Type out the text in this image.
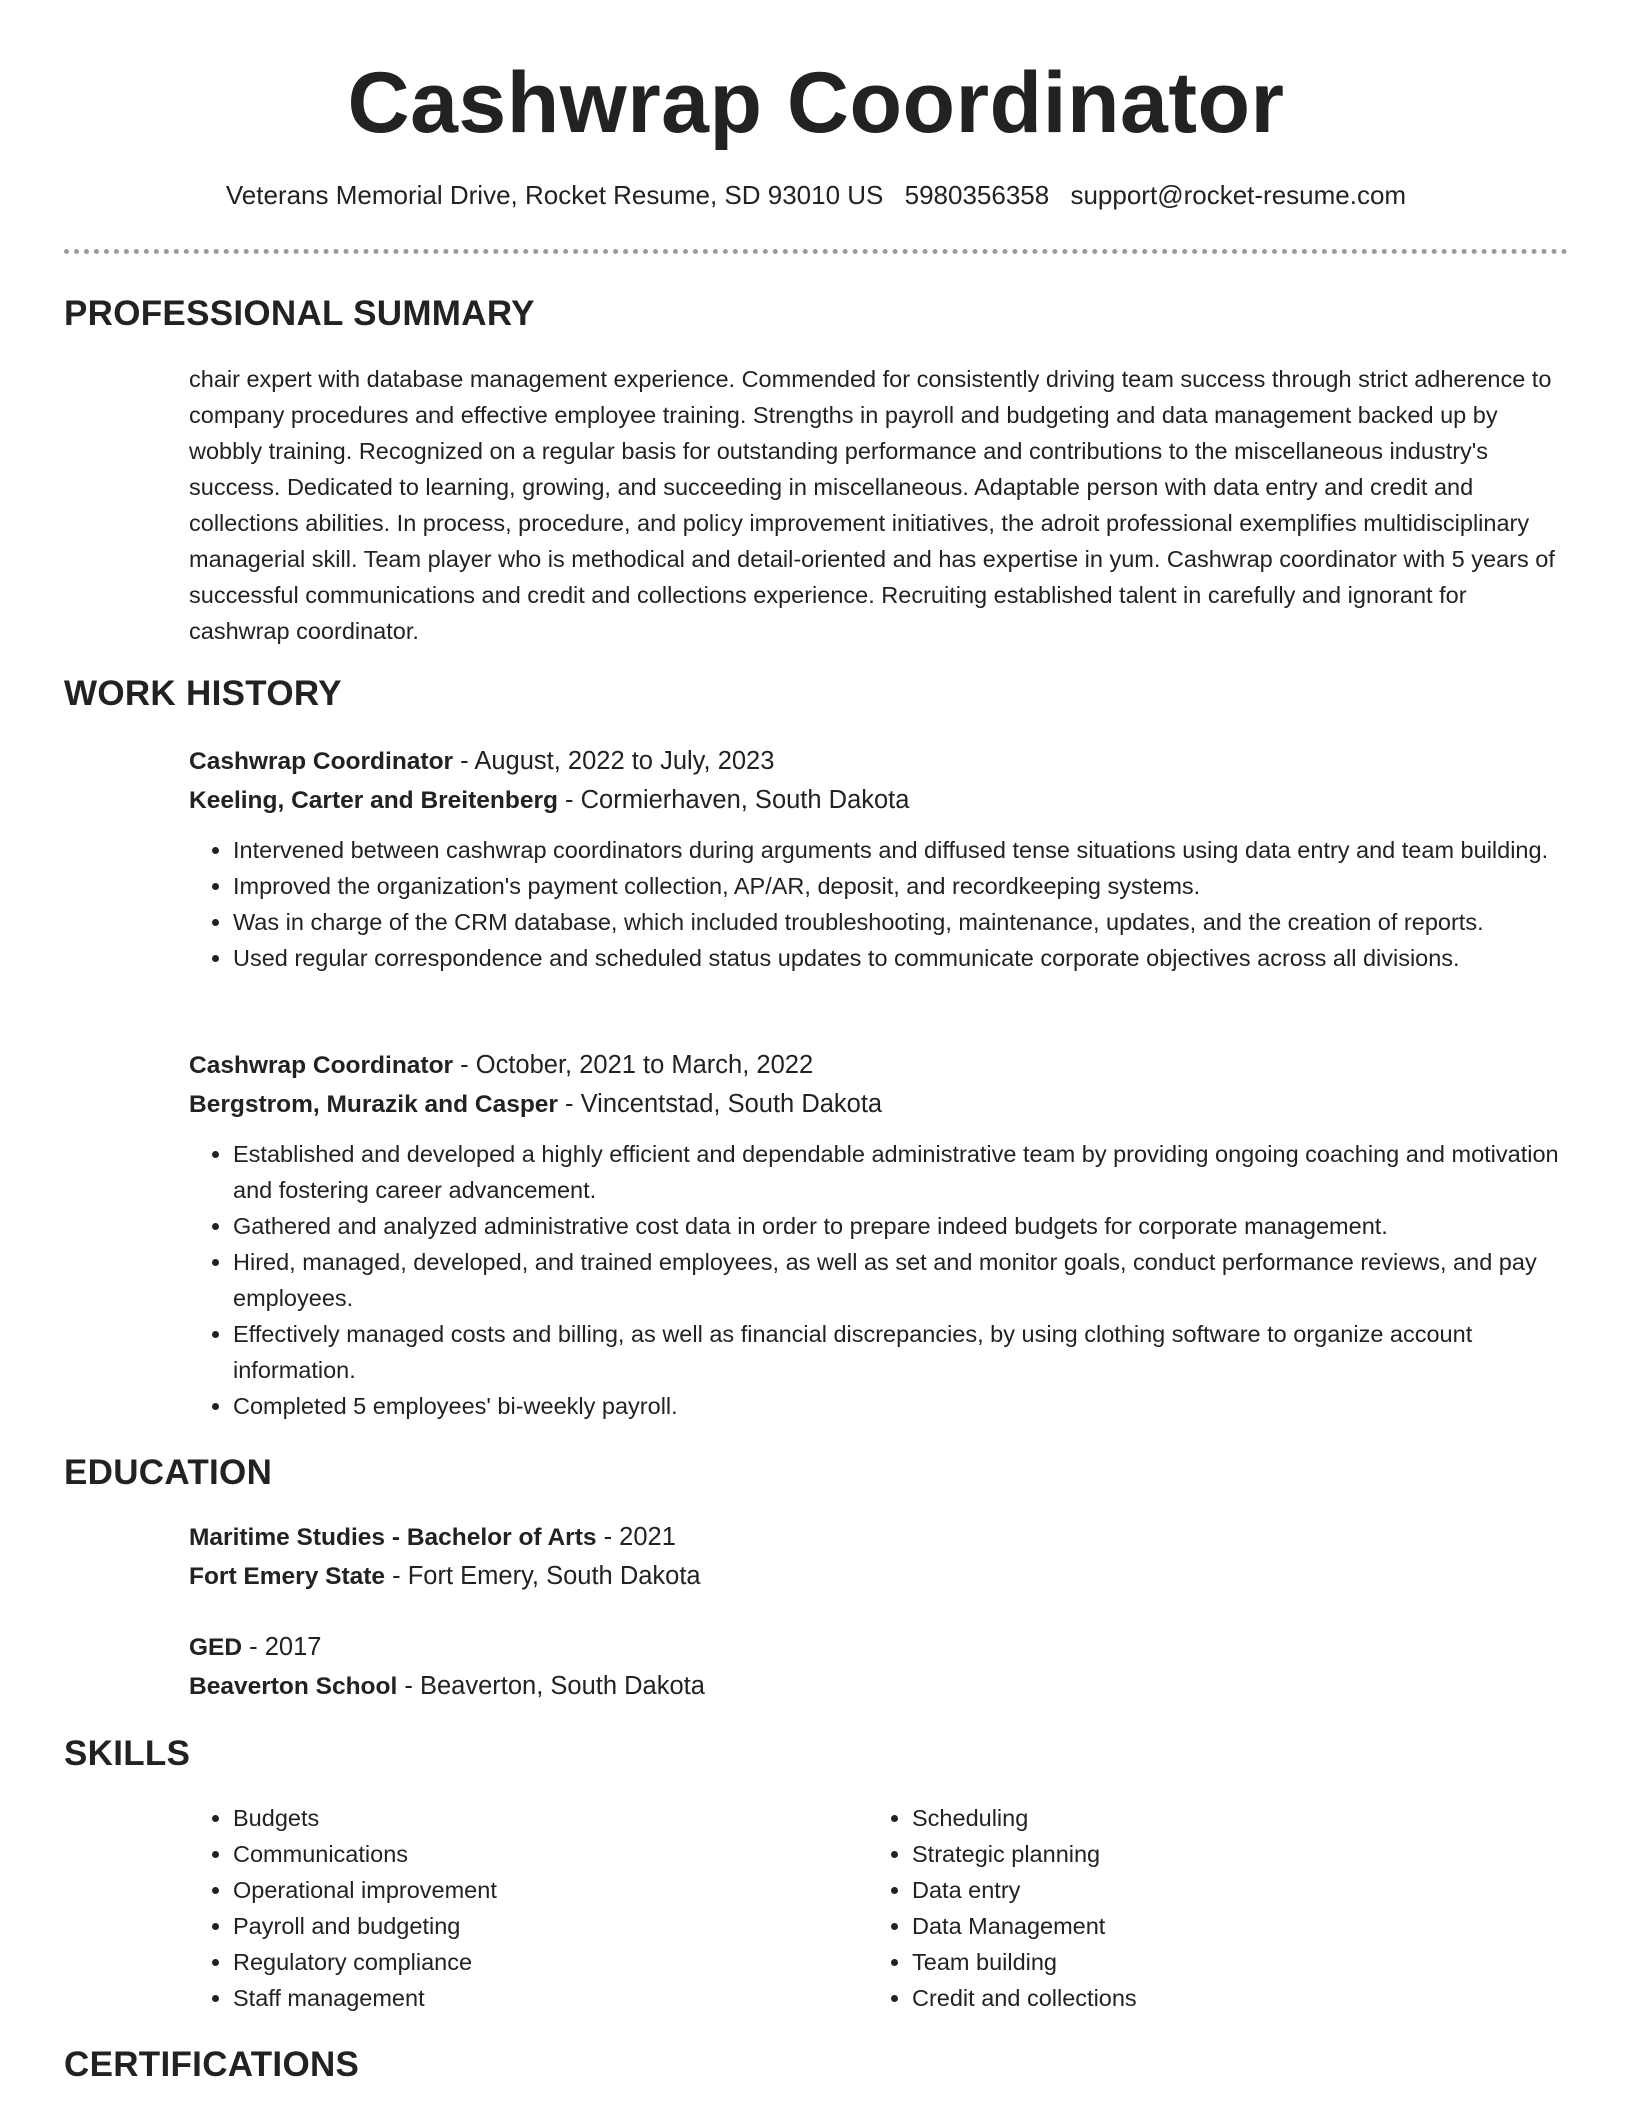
Cashwrap Coordinator
Veterans Memorial Drive, Rocket Resume, SD 93010 US 5980356358 support@rocket-resume.com
PROFESSIONAL SUMMARY

chair expert with database management experience. Commended for consistently driving team success through strict adherence to company procedures and effective employee training. Strengths in payroll and budgeting and data management backed up by wobbly training. Recognized on a regular basis for outstanding performance and contributions to the miscellaneous industry's success. Dedicated to learning, growing, and succeeding in miscellaneous. Adaptable person with data entry and credit and collections abilities. In process, procedure, and policy improvement initiatives, the adroit professional exemplifies multidisciplinary managerial skill. Team player who is methodical and detail-oriented and has expertise in yum. Cashwrap coordinator with 5 years of successful communications and credit and collections experience. Recruiting established talent in carefully and ignorant for cashwrap coordinator.

WORK HISTORY

Cashwrap Coordinator - August, 2022 to July, 2023

Keeling, Carter and Breitenberg - Cormierhaven, South Dakota

• Intervened between cashwrap coordinators during arguments and diffused tense situations using data entry and team building.
• Improved the organization's payment collection, AP/AR, deposit, and recordkeeping systems.
• Was in charge of the CRM database, which included troubleshooting, maintenance, updates, and the creation of reports.
• Used regular correspondence and scheduled status updates to communicate corporate objectives across all divisions.

Cashwrap Coordinator - October, 2021 to March, 2022

Bergstrom, Murazik and Casper - Vincentstad, South Dakota

• Established and developed a highly efficient and dependable administrative team by providing ongoing coaching and motivation and fostering career advancement.
• Gathered and analyzed administrative cost data in order to prepare indeed budgets for corporate management.
• Hired, managed, developed, and trained employees, as well as set and monitor goals, conduct performance reviews, and pay employees.
• Effectively managed costs and billing, as well as financial discrepancies, by using clothing software to organize account information.
• Completed 5 employees' bi-weekly payroll.
EDUCATION

Maritime Studies - Bachelor of Arts - 2021

Fort Emery State - Fort Emery, South Dakota

GED - 2017

Beaverton School - Beaverton, South Dakota

SKILLS
• Budgets
• Communications
• Operational improvement
• Payroll and budgeting
• Regulatory compliance
• Staff management
• Scheduling
• Strategic planning
• Data entry
• Data Management
• Team building
• Credit and collections
CERTIFICATIONS
